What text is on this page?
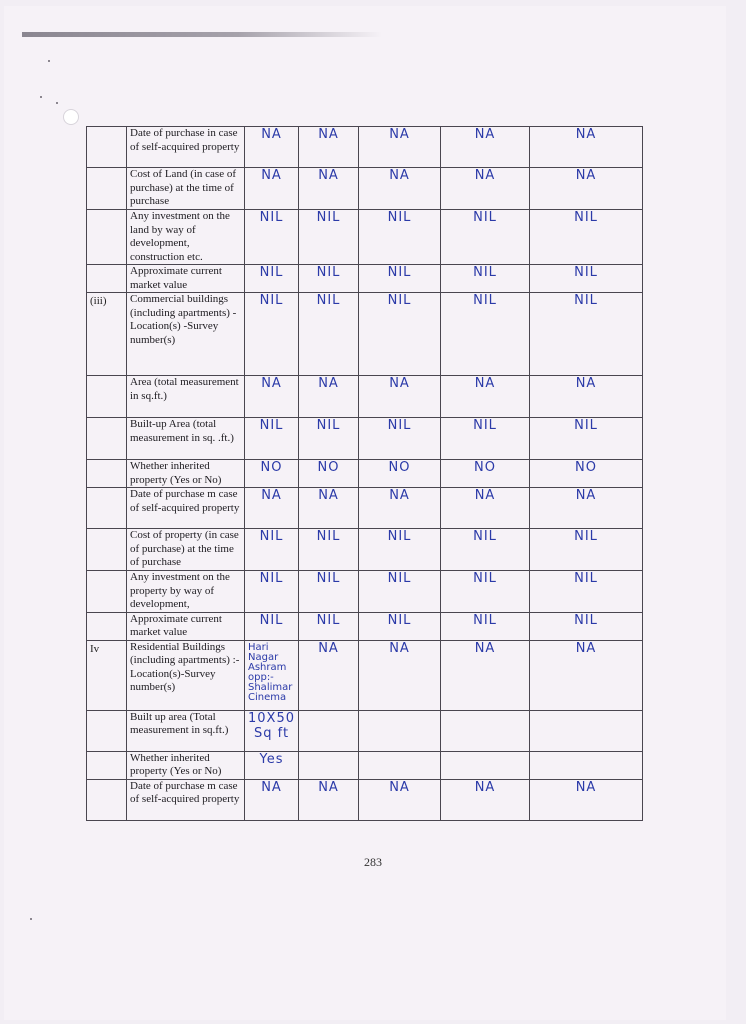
	Date of purchase in case of self-acquired property	NA	NA	NA	NA	NA
	Cost of Land (in case of purchase) at the time of purchase	NA	NA	NA	NA	NA
	Any investment on the land by way of development, construction etc.	NIL	NIL	NIL	NIL	NIL
	Approximate current market value	NIL	NIL	NIL	NIL	NIL
(iii)	Commercial buildings (including apartments) -Location(s) -Survey number(s)	NIL	NIL	NIL	NIL	NIL
	Area (total measurement in sq.ft.)	NA	NA	NA	NA	NA
	Built-up Area (total measurement in sq. .ft.)	NIL	NIL	NIL	NIL	NIL
	Whether inherited property (Yes or No)	NO	NO	NO	NO	NO
	Date of purchase m case of self-acquired property	NA	NA	NA	NA	NA
	Cost of property (in case of purchase) at the time of purchase	NIL	NIL	NIL	NIL	NIL
	Any investment on the property by way of development,	NIL	NIL	NIL	NIL	NIL
	Approximate current market value	NIL	NIL	NIL	NIL	NIL
Iv	Residential Buildings (including apartments) :- Location(s)-Survey number(s)	Hari Nagar Ashram opp:- Shalimar Cinema	NA	NA	NA	NA
	Built up area (Total measurement in sq.ft.)	10X50 Sq ft				
	Whether inherited property (Yes or No)	Yes				
	Date of purchase m case of self-acquired property	NA	NA	NA	NA	NA
283
